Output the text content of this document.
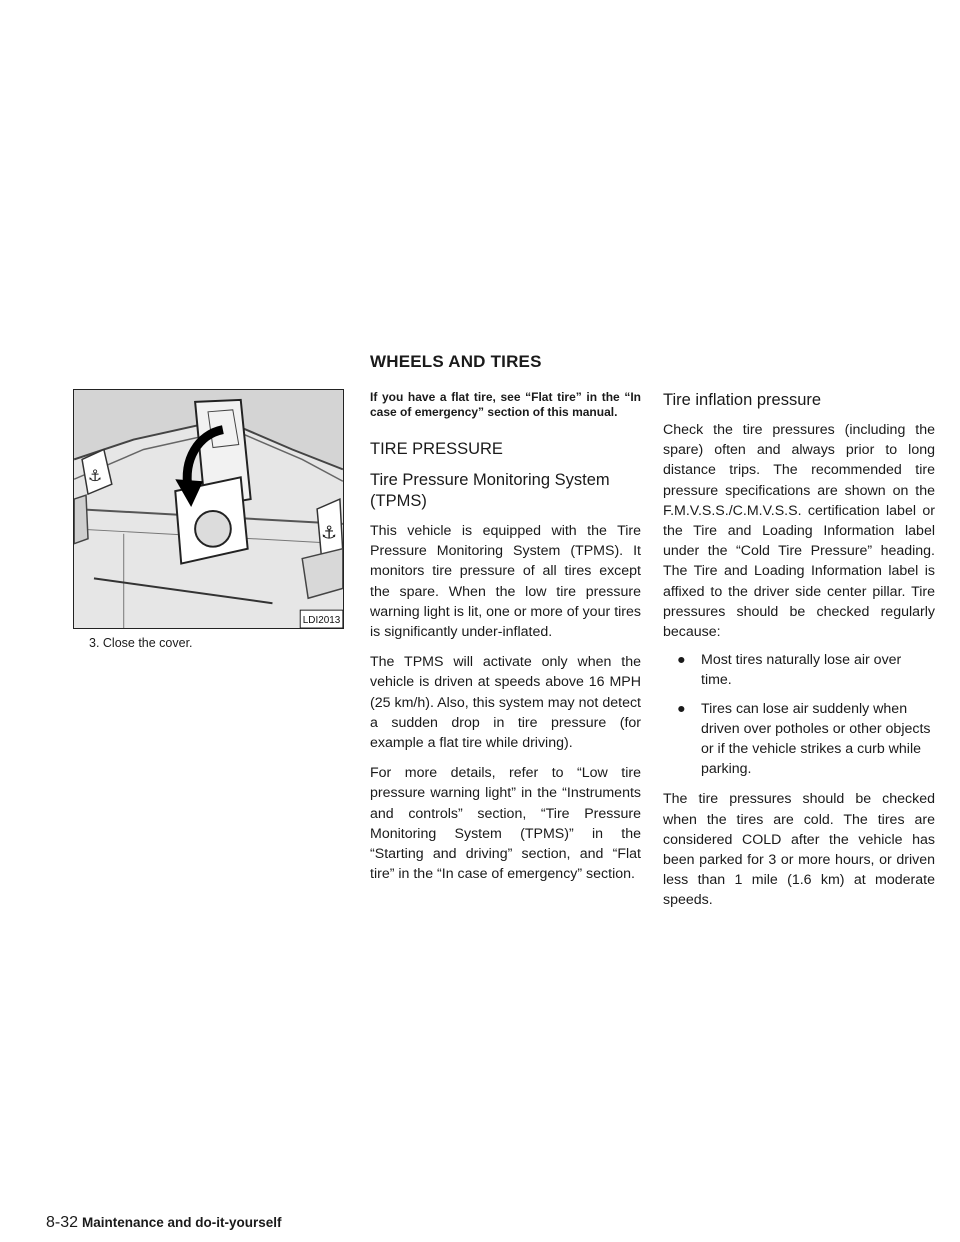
WHEELS AND TIRES
⚓
⚓
LDI2013

3. Close the cover.

If you have a flat tire, see “Flat tire” in the “In case of emergency” section of this manual.

TIRE PRESSURE
Tire Pressure Monitoring System (TPMS)

This vehicle is equipped with the Tire Pressure Monitoring System (TPMS). It monitors tire pressure of all tires except the spare. When the low tire pressure warning light is lit, one or more of your tires is significantly under-inflated.

The TPMS will activate only when the vehicle is driven at speeds above 16 MPH (25 km/h). Also, this system may not detect a sudden drop in tire pressure (for example a flat tire while driving).

For more details, refer to “Low tire pressure warning light” in the “Instruments and controls” section, “Tire Pressure Monitoring System (TPMS)” in the “Starting and driving” section, and “Flat tire” in the “In case of emergency” section.

Tire inflation pressure

Check the tire pressures (including the spare) often and always prior to long distance trips. The recommended tire pressure specifications are shown on the F.M.V.S.S./C.M.V.S.S. certification label or the Tire and Loading Information label under the “Cold Tire Pressure” heading. The Tire and Loading Information label is affixed to the driver side center pillar. Tire pressures should be checked regularly because:

● Most tires naturally lose air over time.
● Tires can lose air suddenly when driven over potholes or other objects or if the vehicle strikes a curb while parking.

The tire pressures should be checked when the tires are cold. The tires are considered COLD after the vehicle has been parked for 3 or more hours, or driven less than 1 mile (1.6 km) at moderate speeds.

8-32 Maintenance and do-it-yourself
